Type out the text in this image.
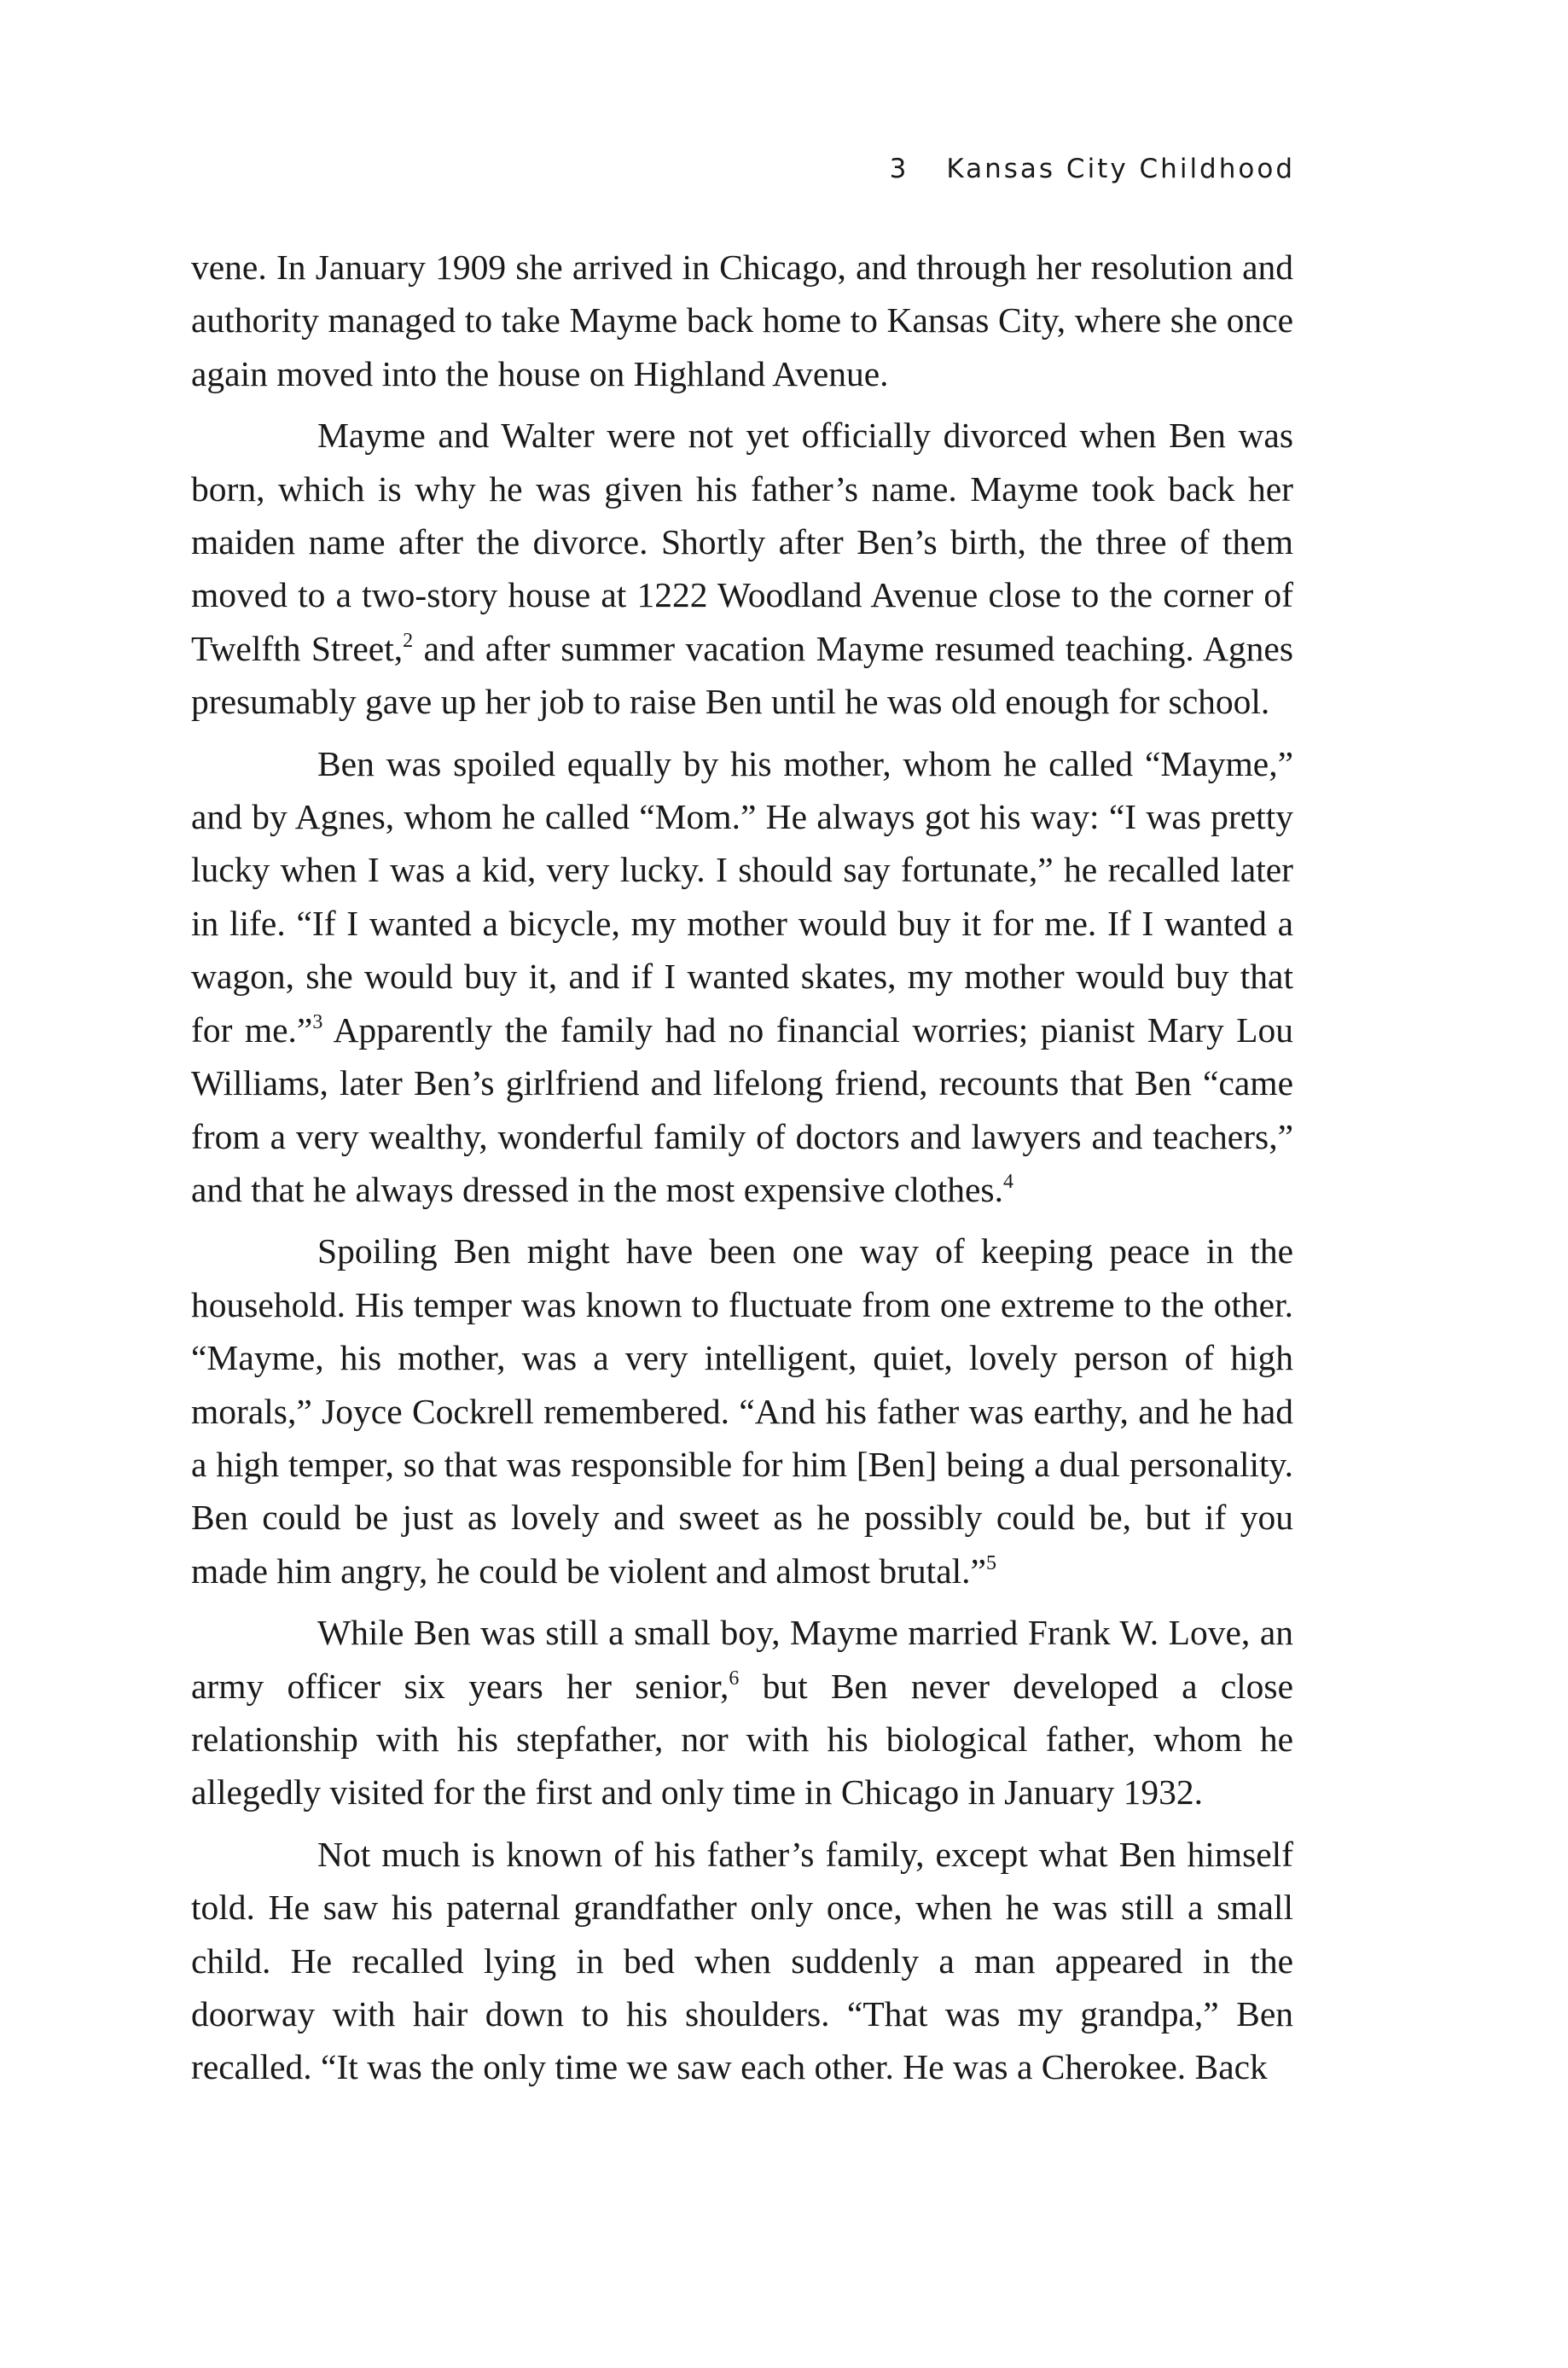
3 Kansas City Childhood

vene. In January 1909 she arrived in Chicago, and through her resolution and authority managed to take Mayme back home to Kansas City, where she once again moved into the house on Highland Avenue.

Mayme and Walter were not yet officially divorced when Ben was born, which is why he was given his father’s name. Mayme took back her maiden name after the divorce. Shortly after Ben’s birth, the three of them moved to a two-story house at 1222 Woodland Avenue close to the corner of Twelfth Street,$^2$ and after summer vacation Mayme resumed teaching. Agnes presumably gave up her job to raise Ben until he was old enough for school.

Ben was spoiled equally by his mother, whom he called “Mayme,” and by Agnes, whom he called “Mom.” He always got his way: “I was pretty lucky when I was a kid, very lucky. I should say fortunate,” he recalled later in life. “If I wanted a bicycle, my mother would buy it for me. If I wanted a wagon, she would buy it, and if I wanted skates, my mother would buy that for me.”$^3$ Apparently the family had no financial worries; pianist Mary Lou Williams, later Ben’s girlfriend and lifelong friend, recounts that Ben “came from a very wealthy, wonderful family of doctors and lawyers and teachers,” and that he always dressed in the most expensive clothes.$^4$

Spoiling Ben might have been one way of keeping peace in the household. His temper was known to fluctuate from one extreme to the other. “Mayme, his mother, was a very intelligent, quiet, lovely person of high morals,” Joyce Cockrell remembered. “And his father was earthy, and he had a high temper, so that was responsible for him [Ben] being a dual personality. Ben could be just as lovely and sweet as he possibly could be, but if you made him angry, he could be violent and almost brutal.”$^5$

While Ben was still a small boy, Mayme married Frank W. Love, an army officer six years her senior,$^6$ but Ben never developed a close relationship with his stepfather, nor with his biological father, whom he allegedly visited for the first and only time in Chicago in January 1932.

Not much is known of his father’s family, except what Ben himself told. He saw his paternal grandfather only once, when he was still a small child. He recalled lying in bed when suddenly a man appeared in the doorway with hair down to his shoulders. “That was my grandpa,” Ben recalled. “It was the only time we saw each other. He was a Cherokee. Back
